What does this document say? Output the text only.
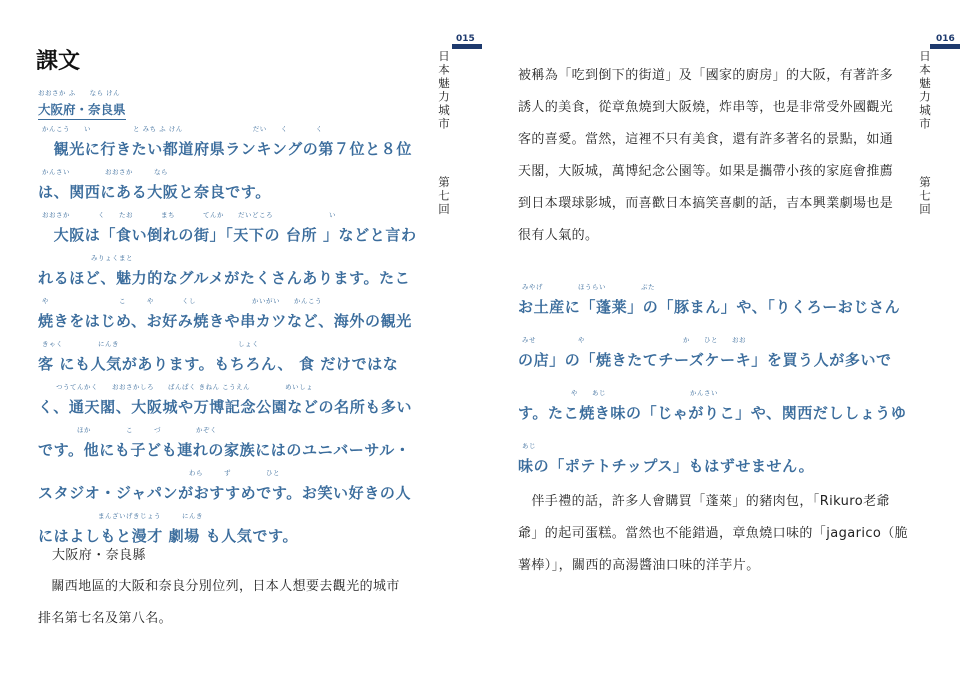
課文
おおさか ふ　　なら けん
大阪府・奈良県
かんこう　　い　　　　　　と みち ふ けん　　　　　　　　　　だい　　く　　　　く
　観光に行きたい都道府県ランキングの第７位と８位
かんさい　　　　　おおさか　　　なら
は、関西にある大阪と奈良です。
おおさか　　　　く　　たお　　　　まち　　　　てんか　　だいどころ　　　　　　　　い
　大阪は「食い倒れの街」「天下の 台所 」などと言わ
　　　　　　　みりょくまと
れるほど、魅力的なグルメがたくさんあります。たこ
や　　　　　　　　　　こ　　　や　　　　くし　　　　　　　　かいがい　　かんこう
焼きをはじめ、お好み焼きや串カツなど、海外の観光
きゃく　　　　　にんき　　　　　　　　　　　　　　　　　しょく
客 にも人気があります。もちろん、 食 だけではな
　　つうてんかく　　おおさかしろ　　ばんぱく きねん こうえん　　　　　めいしょ
く、通天閣、大阪城や万博記念公園などの名所も多い
　　　　　ほか　　　　　こ　　　づ　　　　　かぞく
です。他にも子ども連れの家族にはのユニバーサル・
　　　　　　　　　　　　　　　　　　　　　わら　　　ず　　　　　ひと
スタジオ・ジャパンがおすすめです。お笑い好きの人
　　　　　　　　まんざいげきじょう　　　にんき
にはよしもと漫才 劇場 も人気です。
大阪府・奈良縣
　關西地區的大阪和奈良分別位列，日本人想要去觀光的城市
排名第七名及第八名。
015
日本魅力城市
第七回
被稱為「吃到倒下的街道」及「國家的廚房」的大阪，有著許多
誘人的美食，從章魚燒到大阪燒，炸串等，也是非常受外國觀光
客的喜愛。當然，這裡不只有美食，還有許多著名的景點，如通
天閣，大阪城，萬博紀念公園等。如果是攜帶小孩的家庭會推薦
到日本環球影城，而喜歡日本搞笑喜劇的話，吉本興業劇場也是
很有人氣的。
みやげ　　　　　ほうらい　　　　　ぶた
お土産に「蓬莱」の「豚まん」や、「りくろーおじさん
みせ　　　　　　や　　　　　　　　　　　　　　か　　ひと　　おお
の店」の「焼きたてチーズケーキ」を買う人が多いで
　　　　　　　や　　あじ　　　　　　　　　　　　かんさい
す。たこ焼き味の「じゃがりこ」や、関西だししょうゆ
あじ
味の「ポテトチップス」もはずせません。
　伴手禮的話，許多人會購買「蓬萊」的豬肉包，「Rikuro老爺
爺」的起司蛋糕。當然也不能錯過，章魚燒口味的「jagarico（脆
薯棒）」，關西的高湯醬油口味的洋芋片。
016
日本魅力城市
第七回
